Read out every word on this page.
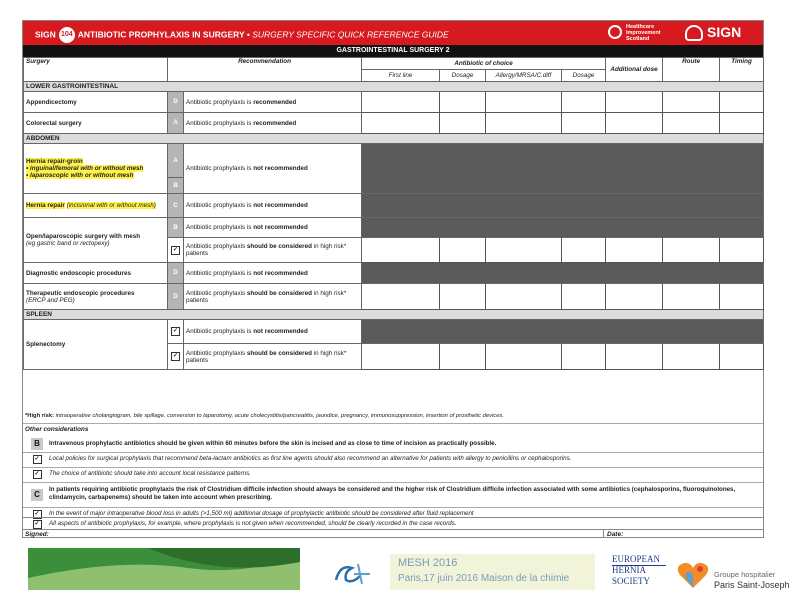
SIGN 104 ANTIBIOTIC PROPHYLAXIS IN SURGERY • SURGERY SPECIFIC QUICK REFERENCE GUIDE
Healthcare
Improvement
Scotland	SIGN
GASTROINTESTINAL SURGERY 2
Surgery	Recommendation		Antibiotic of choice				Additional dose	Route	Timing
			First line	Dosage	Allergy/MRSA/C.diff	Dosage			
LOWER GASTROINTESTINAL									
Appendicectomy	D	Antibiotic prophylaxis is recommended							
Colorectal surgery	A	Antibiotic prophylaxis is recommended							
ABDOMEN									
Hernia repair-groin
• inguinal/femoral with or without mesh
• laparoscopic with or without mesh	A	Antibiotic prophylaxis is not recommended							
	B								
Hernia repair (incisional with or without mesh)	C	Antibiotic prophylaxis is not recommended							
Open/laparoscopic surgery with mesh
(eg gastric band or rectopexy)	B	Antibiotic prophylaxis is not recommended							
	✓	Antibiotic prophylaxis should be considered in high risk* patients							
Diagnostic endoscopic procedures	D	Antibiotic prophylaxis is not recommended							
Therapeutic endoscopic procedures
(ERCP and PEG)	D	Antibiotic prophylaxis should be considered in high risk* patients							
SPLEEN									
Splenectomy	✓	Antibiotic prophylaxis is not recommended							
	✓	Antibiotic prophylaxis should be considered in high risk* patients							
*High risk: intraoperative cholangiogram, bile spillage, conversion to laparotomy, acute cholecystitis/pancreatitis, jaundice, pregnancy, immunosuppression, insertion of prosthetic devices.
Other considerations
B	Intravenous prophylactic antibiotics should be given within 60 minutes before the skin is incised and as close to time of incision as practically possible.
✓	Local policies for surgical prophylaxis that recommend beta-lactam antibiotics as first line agents should also recommend an alternative for patients with allergy to penicillins or cephalosporins.
✓	The choice of antibiotic should take into account local resistance patterns.
C
In patients requiring antibiotic prophylaxis the risk of Clostridium difficile infection should always be considered and the higher risk of Clostridium difficile infection associated with some antibiotics (cephalosporins, fluoroquinolones, clindamycin, carbapenems) should be taken into account when prescribing.
✓	In the event of major intraoperative blood loss in adults (>1,500 ml) additional dosage of prophylactic antibiotic should be considered after fluid replacement
✓	All aspects of antibiotic prophylaxis, for example, where prophylaxis is not given when recommended, should be clearly recorded in the case records.
Signed:	Date:
MESH 2016
Paris,17 juin 2016 Maison de la chimie
EUROPEAN
HERNIA
SOCIETY
Groupe hospitalier
Paris Saint-Joseph
